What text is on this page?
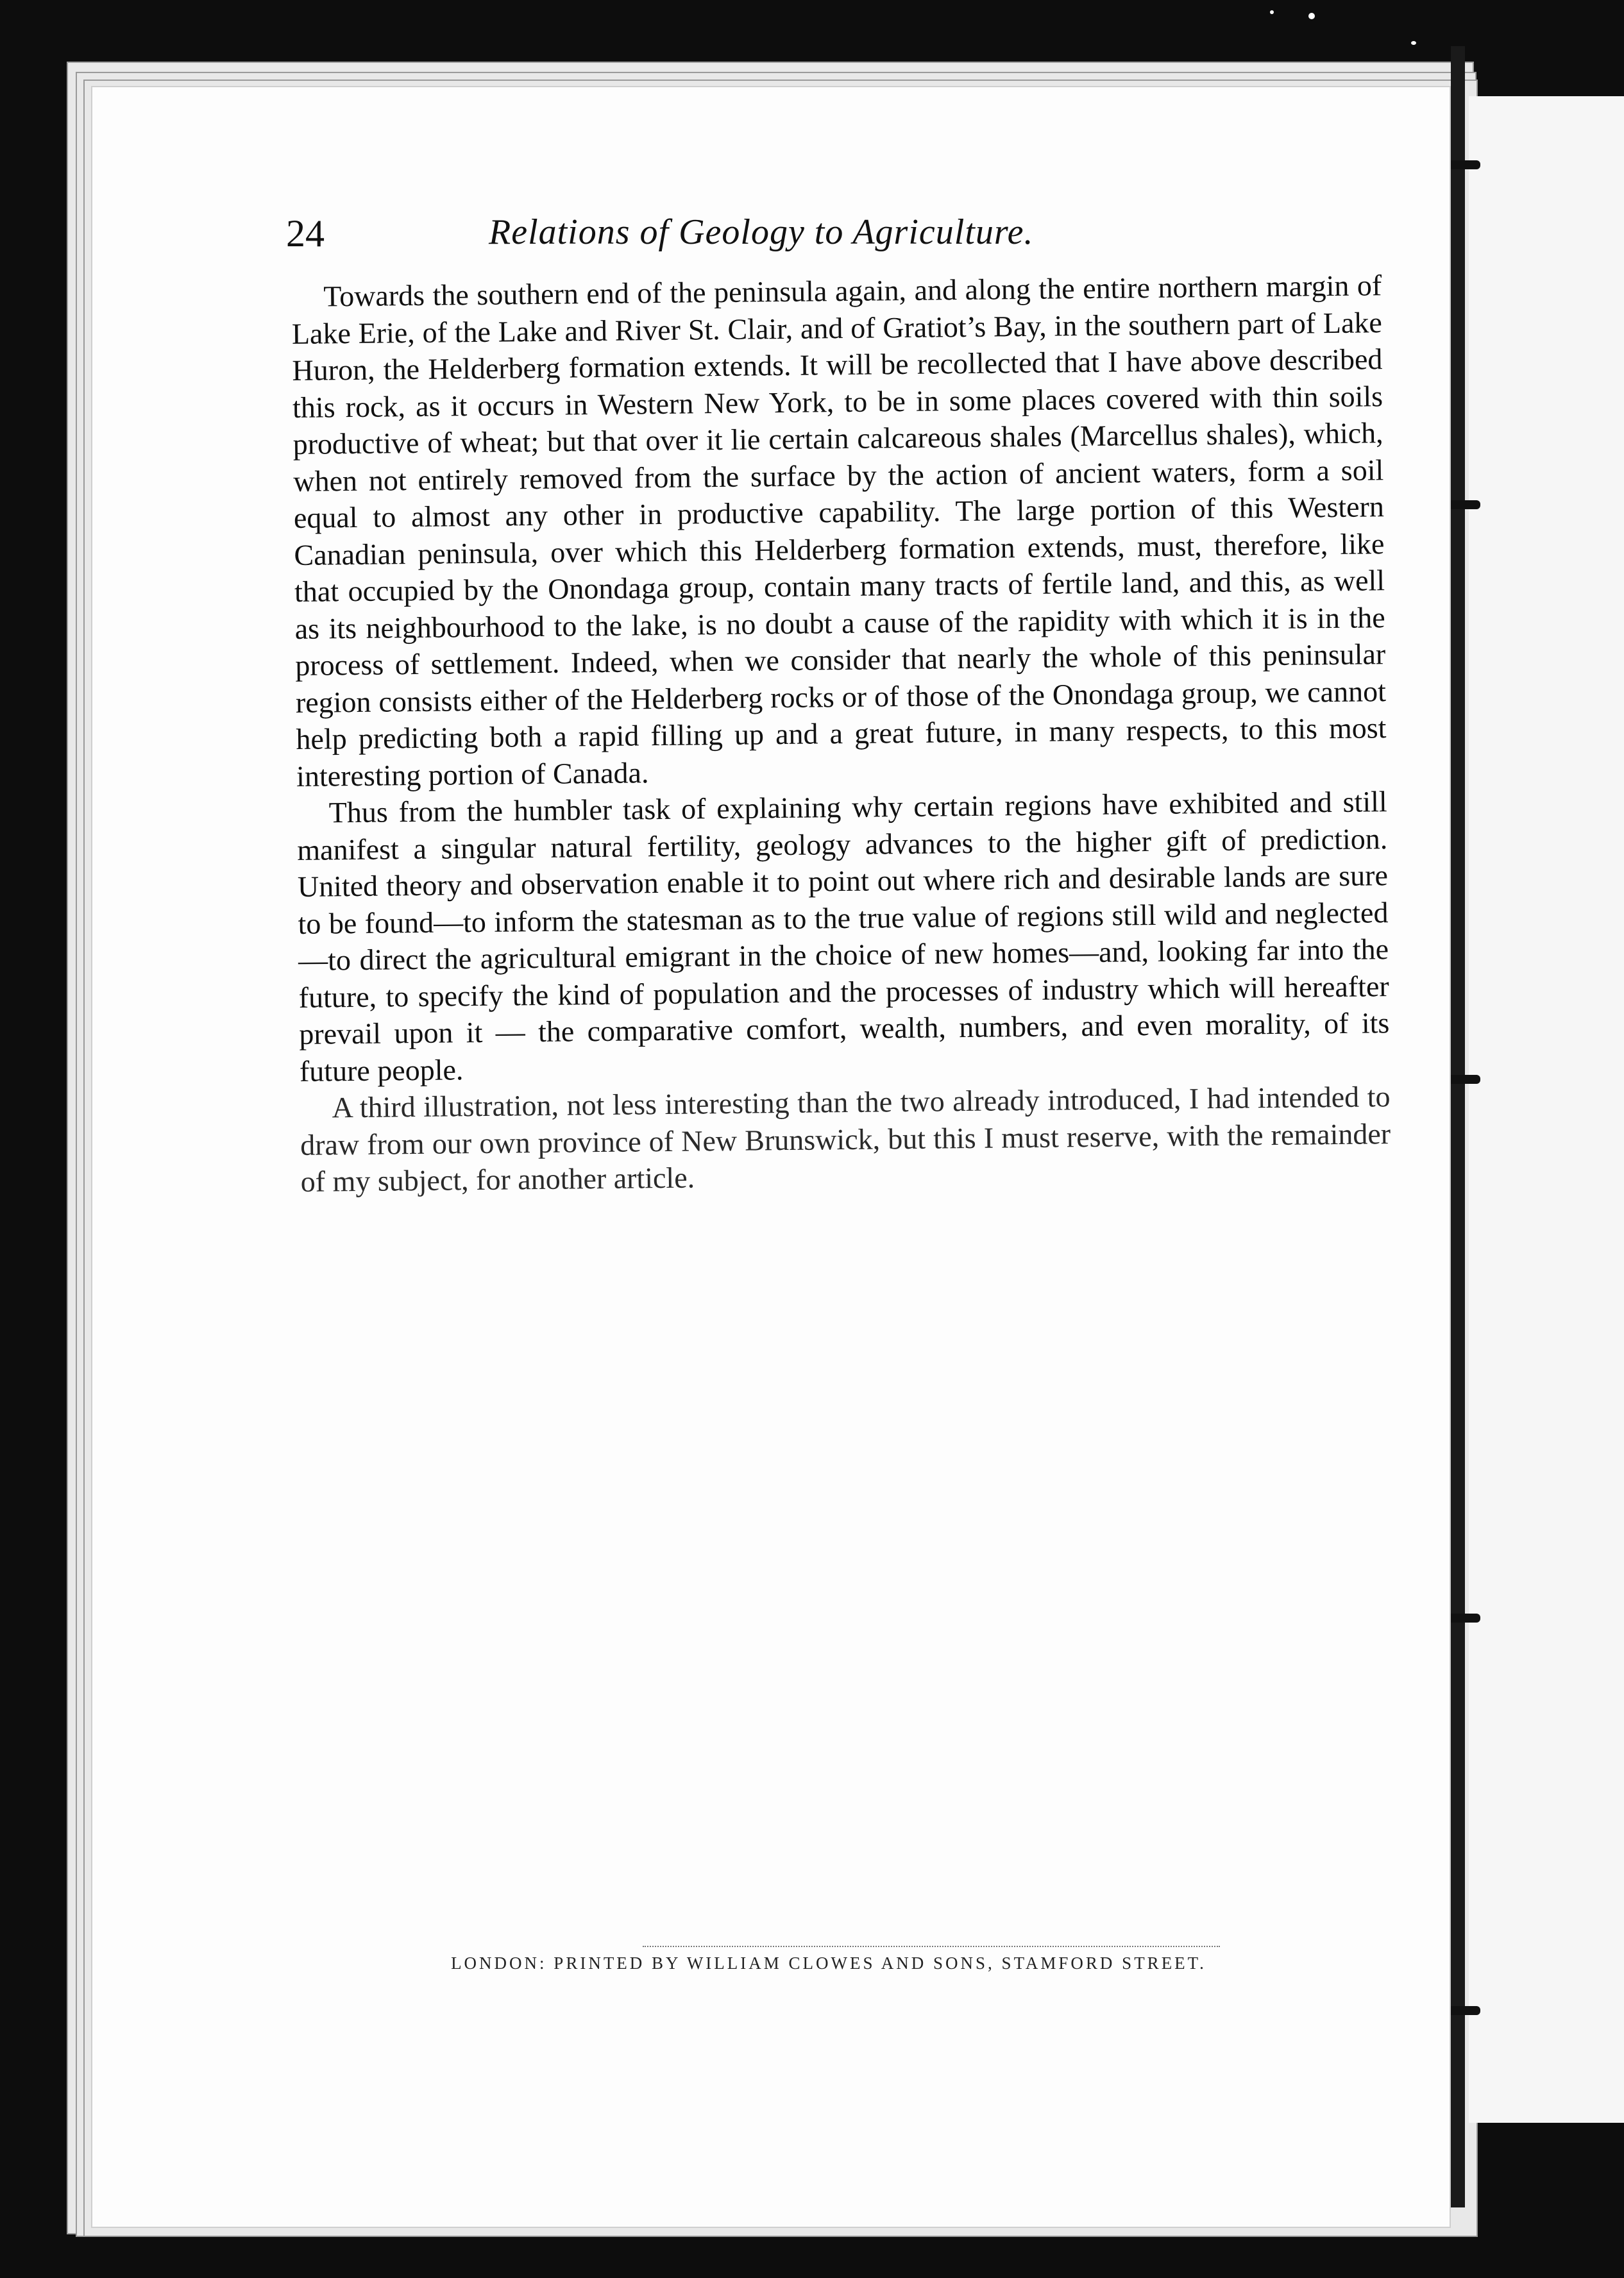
24	Relations of Geology to Agriculture.

Towards the southern end of the peninsula again, and along the entire northern margin of Lake Erie, of the Lake and River St. Clair, and of Gratiot’s Bay, in the southern part of Lake Huron, the Helderberg formation extends. It will be recollected that I have above described this rock, as it occurs in Western New York, to be in some places covered with thin soils productive of wheat; but that over it lie certain calcareous shales (Marcellus shales), which, when not entirely removed from the surface by the action of ancient waters, form a soil equal to almost any other in productive capability. The large portion of this Western Canadian peninsula, over which this Helderberg formation extends, must, therefore, like that occupied by the Onondaga group, contain many tracts of fertile land, and this, as well as its neighbourhood to the lake, is no doubt a cause of the rapidity with which it is in the process of settlement. Indeed, when we consider that nearly the whole of this peninsular region consists either of the Helderberg rocks or of those of the Onondaga group, we cannot help predicting both a rapid filling up and a great future, in many respects, to this most interesting portion of Canada.

Thus from the humbler task of explaining why certain regions have exhibited and still manifest a singular natural fertility, geology advances to the higher gift of prediction. United theory and observation enable it to point out where rich and desirable lands are sure to be found—to inform the statesman as to the true value of regions still wild and neglected—to direct the agricultural emigrant in the choice of new homes—and, looking far into the future, to specify the kind of population and the processes of industry which will hereafter prevail upon it — the comparative comfort, wealth, numbers, and even morality, of its future people.

A third illustration, not less interesting than the two already introduced, I had intended to draw from our own province of New Brunswick, but this I must reserve, with the remainder of my subject, for another article.

LONDON: PRINTED BY WILLIAM CLOWES AND SONS, STAMFORD STREET.
